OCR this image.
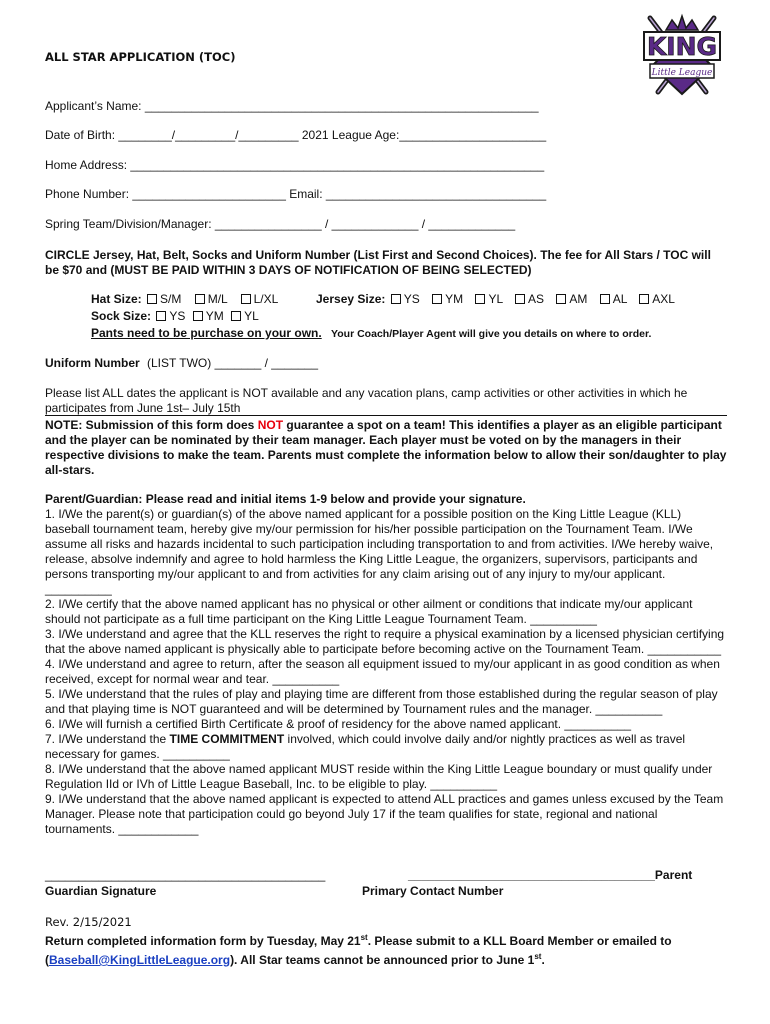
ALL STAR APPLICATION (TOC)	KING
Little League
Applicant’s Name: ___________________________________________________________
Date of Birth: ________/_________/_________ 2021 League Age:______________________
Home Address: ______________________________________________________________
Phone Number: _______________________ Email: _________________________________
Spring Team/Division/Manager: ________________ / _____________ / _____________
CIRCLE Jersey, Hat, Belt, Socks and Uniform Number (List First and Second Choices). The fee for All Stars / TOC will be $70 and (MUST BE PAID WITHIN 3 DAYS OF NOTIFICATION OF BEING SELECTED)
Hat Size: S/M M/L L/XL	Jersey Size: YS YM YL AS AM AL AXL
Sock Size: YS YM YL
Pants need to be purchase on your own. Your Coach/Player Agent will give you details on where to order.
Uniform Number (LIST TWO) _______ / _______
Please list ALL dates the applicant is NOT available and any vacation plans, camp activities or other activities in which he participates from June 1st– July 15th
NOTE: Submission of this form does NOT guarantee a spot on a team! This identifies a player as an eligible participant and the player can be nominated by their team manager. Each player must be voted on by the managers in their respective divisions to make the team. Parents must complete the information below to allow their son/daughter to play all-stars.
Parent/Guardian: Please read and initial items 1-9 below and provide your signature.
1. I/We the parent(s) or guardian(s) of the above named applicant for a possible position on the King Little League (KLL) baseball tournament team, hereby give my/our permission for his/her possible participation on the Tournament Team. I/We assume all risks and hazards incidental to such participation including transportation to and from activities. I/We hereby waive, release, absolve indemnify and agree to hold harmless the King Little League, the organizers, supervisors, participants and persons transporting my/our applicant to and from activities for any claim arising out of any injury to my/our applicant. __________
2. I/We certify that the above named applicant has no physical or other ailment or conditions that indicate my/our applicant should not participate as a full time participant on the King Little League Tournament Team. __________
3. I/We understand and agree that the KLL reserves the right to require a physical examination by a licensed physician certifying that the above named applicant is physically able to participate before becoming active on the Tournament Team. ___________
4. I/We understand and agree to return, after the season all equipment issued to my/our applicant in as good condition as when received, except for normal wear and tear. __________
5. I/We understand that the rules of play and playing time are different from those established during the regular season of play and that playing time is NOT guaranteed and will be determined by Tournament rules and the manager. __________
6. I/We will furnish a certified Birth Certificate & proof of residency for the above named applicant. __________
7. I/We understand the TIME COMMITMENT involved, which could involve daily and/or nightly practices as well as travel necessary for games. __________
8. I/We understand that the above named applicant MUST reside within the King Little League boundary or must qualify under Regulation IId or IVh of Little League Baseball, Inc. to be eligible to play. __________
9. I/We understand that the above named applicant is expected to attend ALL practices and games unless excused by the Team Manager. Please note that participation could go beyond July 17 if the team qualifies for state, regional and national tournaments. ____________
__________________________________________
Guardian Signature
_____________________________________Parent
Primary Contact Number
Rev. 2/15/2021
Return completed information form by Tuesday, May 21st. Please submit to a KLL Board Member or emailed to
(Baseball@KingLittleLeague.org). All Star teams cannot be announced prior to June 1st.
